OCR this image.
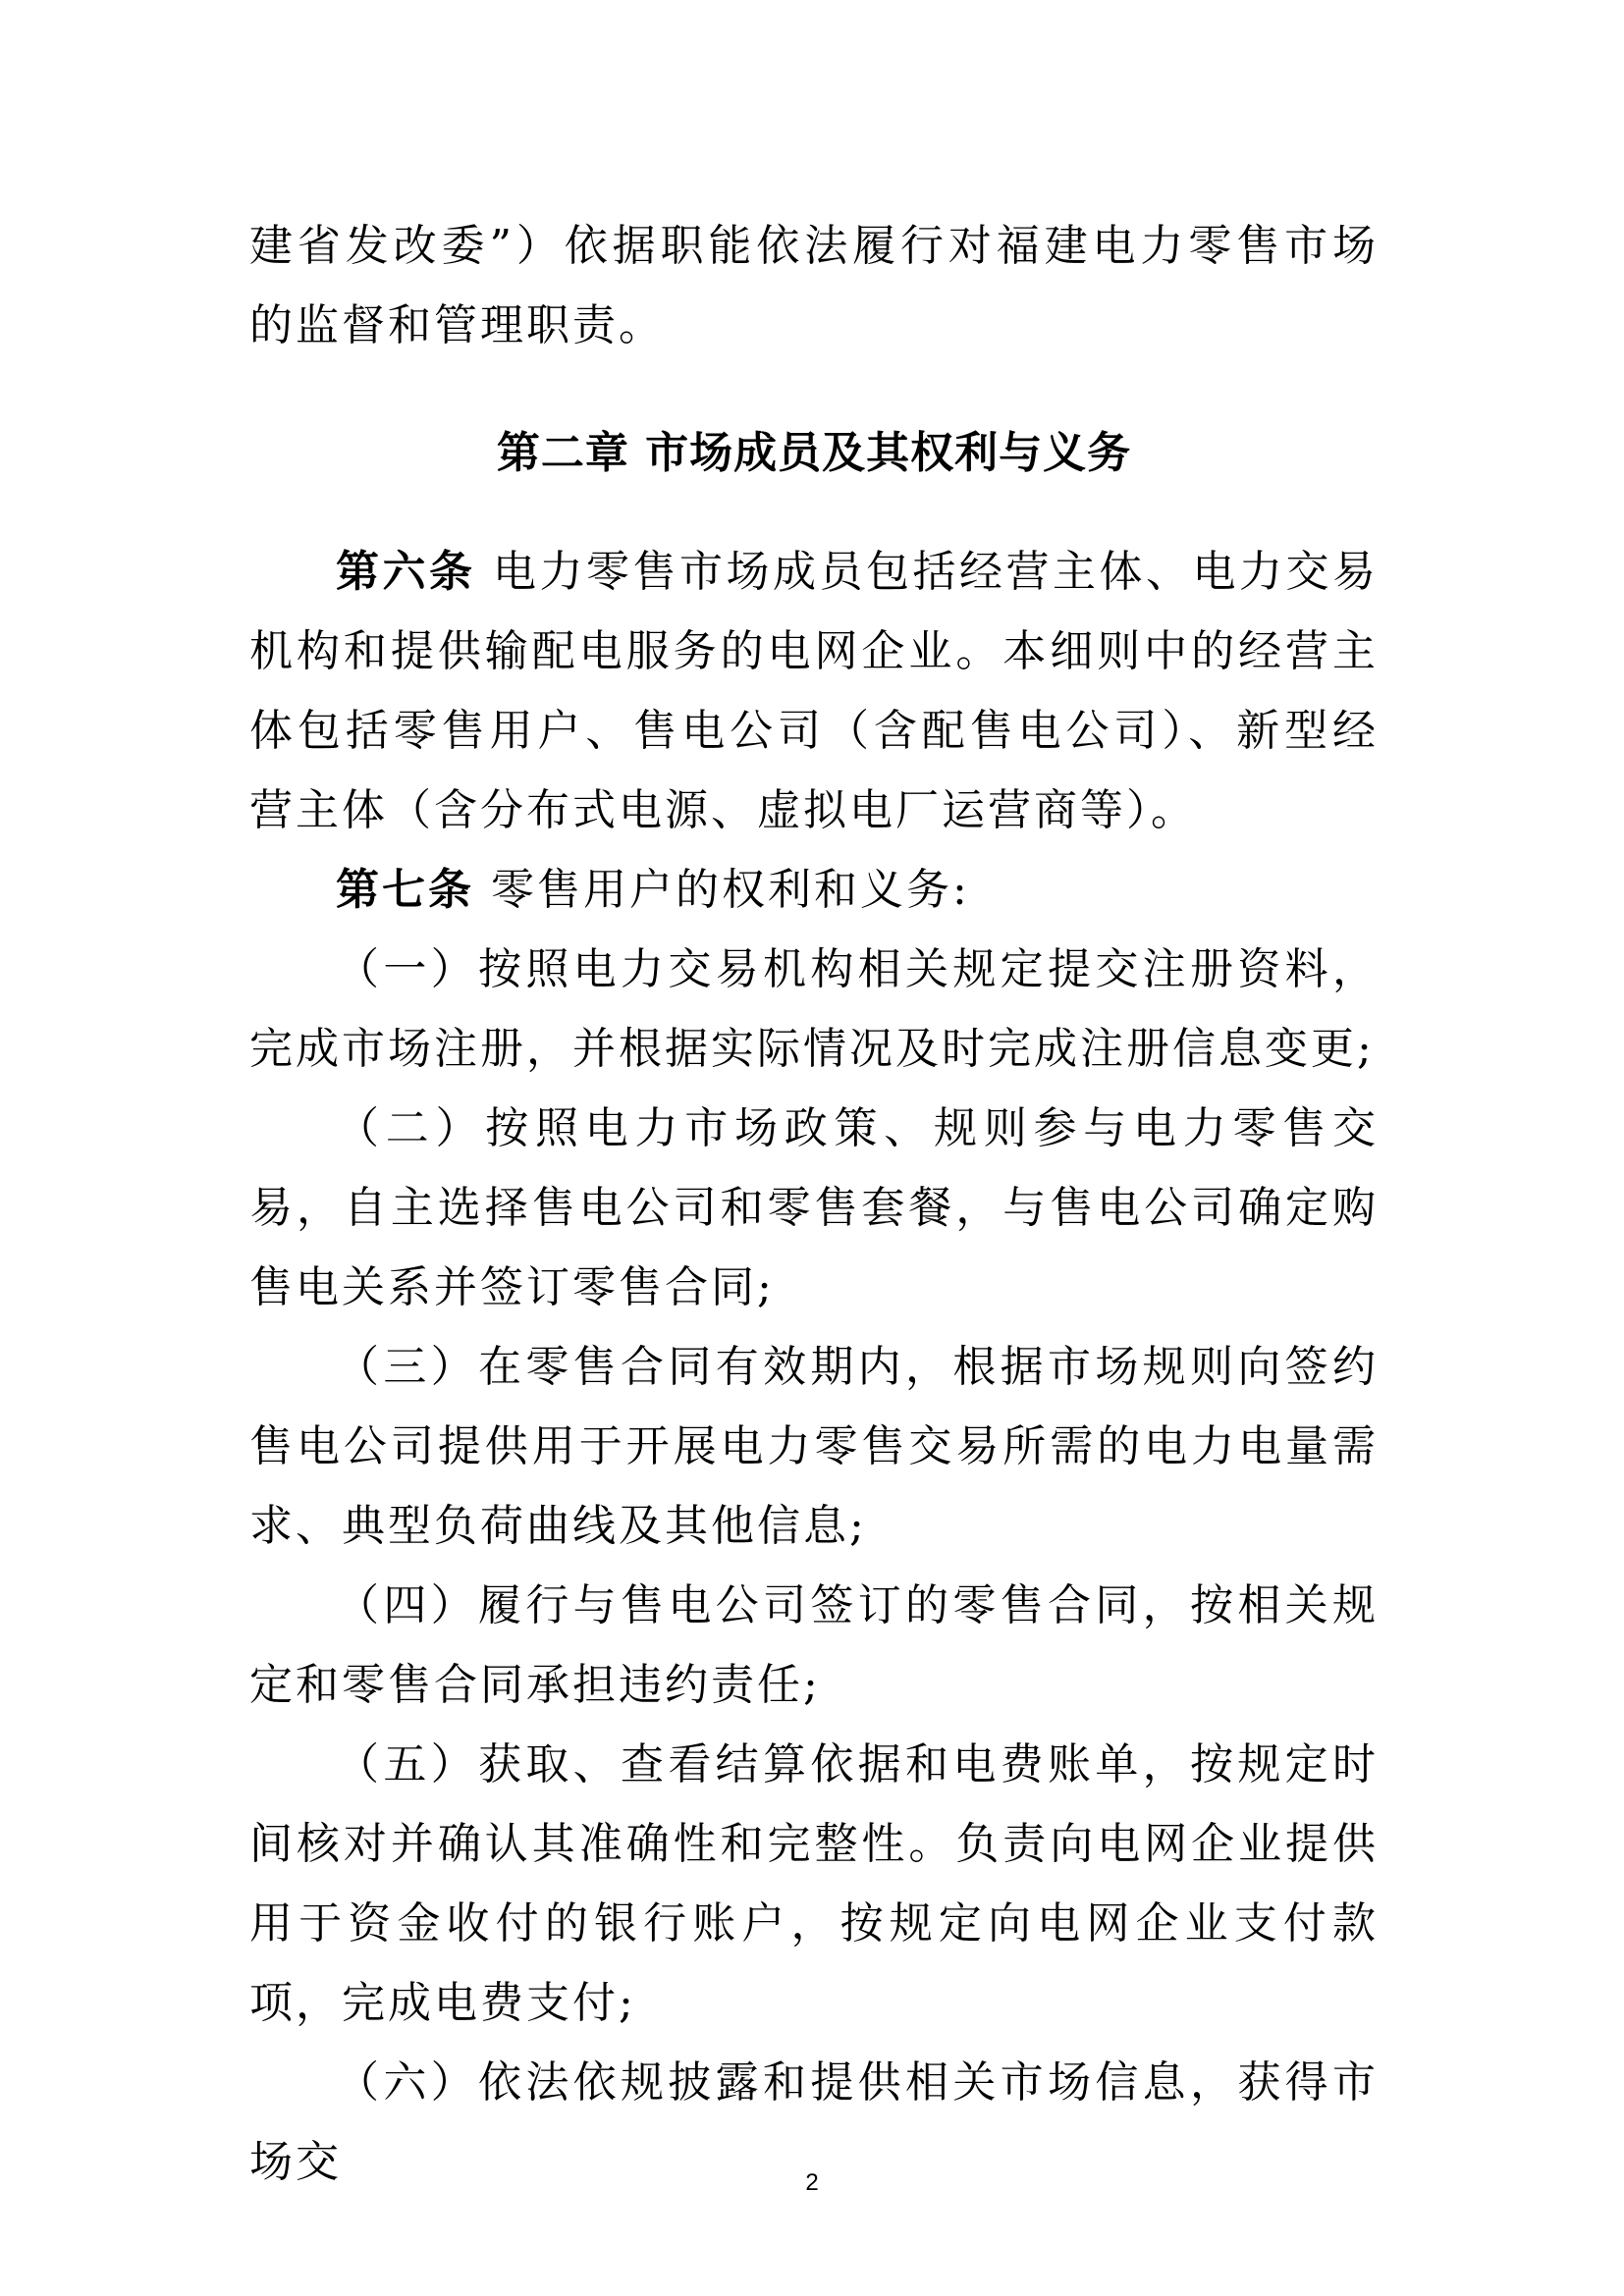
建省发改委”）依据职能依法履行对福建电力零售市场的监督和管理职责。

第二章 市场成员及其权利与义务

第六条 电力零售市场成员包括经营主体、电力交易机构和提供输配电服务的电网企业。本细则中的经营主体包括零售用户、售电公司（含配售电公司）、新型经营主体（含分布式电源、虚拟电厂运营商等）。

第七条 零售用户的权利和义务:

（一）按照电力交易机构相关规定提交注册资料，完成市场注册，并根据实际情况及时完成注册信息变更;

（二）按照电力市场政策、规则参与电力零售交易，自主选择售电公司和零售套餐，与售电公司确定购售电关系并签订零售合同;

（三）在零售合同有效期内，根据市场规则向签约售电公司提供用于开展电力零售交易所需的电力电量需求、典型负荷曲线及其他信息;

（四）履行与售电公司签订的零售合同，按相关规定和零售合同承担违约责任;

（五）获取、查看结算依据和电费账单，按规定时间核对并确认其准确性和完整性。负责向电网企业提供用于资金收付的银行账户，按规定向电网企业支付款项，完成电费支付;

（六）依法依规披露和提供相关市场信息，获得市场交	2
